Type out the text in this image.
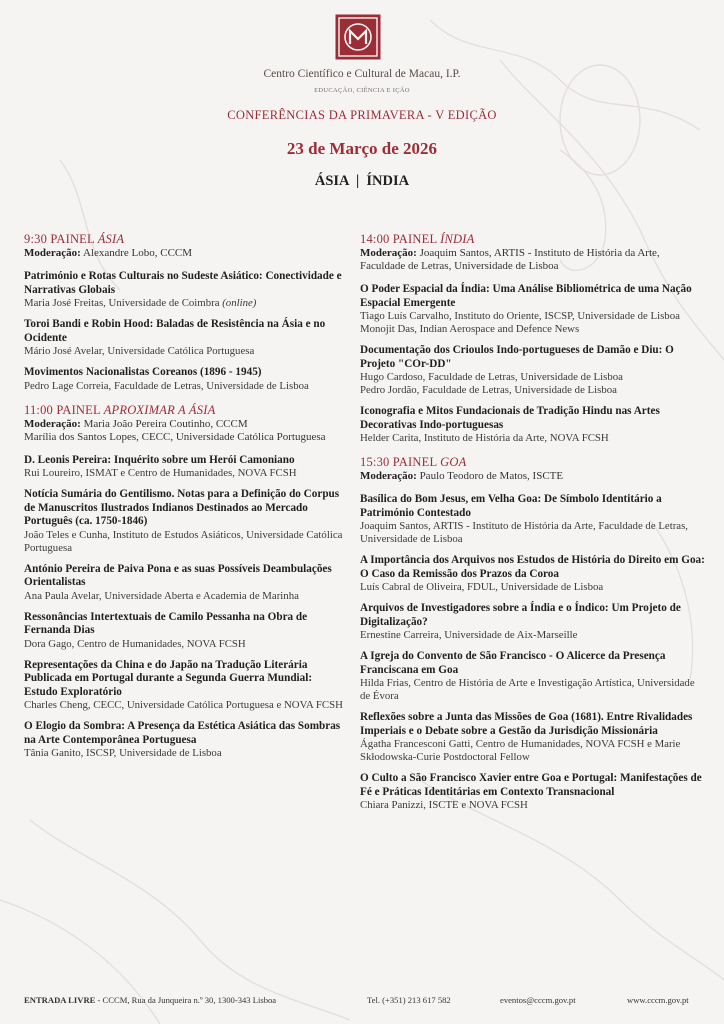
Centro Científico e Cultural de Macau, I.P.
EDUCAÇÃO, CIÊNCIA E IÇÃO
CONFERÊNCIAS DA PRIMAVERA - V EDIÇÃO
23 de Março de 2026
ÁSIA  |  ÍNDIA
9:30 PAINEL ÁSIA
Moderação: Alexandre Lobo, CCCM
Património e Rotas Culturais no Sudeste Asiático: Conectividade e Narrativas Globais
Maria José Freitas, Universidade de Coimbra (online)
Toroi Bandi e Robin Hood: Baladas de Resistência na Ásia e no Ocidente
Mário José Avelar, Universidade Católica Portuguesa
Movimentos Nacionalistas Coreanos (1896 - 1945)
Pedro Lage Correia, Faculdade de Letras, Universidade de Lisboa
11:00 PAINEL APROXIMAR A ÁSIA
Moderação: Maria João Pereira Coutinho, CCCM
Marília dos Santos Lopes, CECC, Universidade Católica Portuguesa
D. Leonis Pereira: Inquérito sobre um Herói Camoniano
Rui Loureiro, ISMAT e Centro de Humanidades, NOVA FCSH
Notícia Sumária do Gentilismo. Notas para a Definição do Corpus de Manuscritos Ilustrados Indianos Destinados ao Mercado Português (ca. 1750-1846)
João Teles e Cunha, Instituto de Estudos Asiáticos, Universidade Católica Portuguesa
António Pereira de Paiva Pona e as suas Possíveis Deambulações Orientalistas
Ana Paula Avelar, Universidade Aberta e Academia de Marinha
Ressonâncias Intertextuais de Camilo Pessanha na Obra de Fernanda Dias
Dora Gago, Centro de Humanidades, NOVA FCSH
Representações da China e do Japão na Tradução Literária Publicada em Portugal durante a Segunda Guerra Mundial: Estudo Exploratório
Charles Cheng, CECC, Universidade Católica Portuguesa e NOVA FCSH
O Elogio da Sombra: A Presença da Estética Asiática das Sombras na Arte Contemporânea Portuguesa
Tânia Ganito, ISCSP, Universidade de Lisboa
14:00 PAINEL ÍNDIA
Moderação: Joaquim Santos, ARTIS - Instituto de História da Arte, Faculdade de Letras, Universidade de Lisboa
O Poder Espacial da Índia: Uma Análise Bibliométrica de uma Nação Espacial Emergente
Tiago Luís Carvalho, Instituto do Oriente, ISCSP, Universidade de Lisboa
Monojit Das, Indian Aerospace and Defence News
Documentação dos Crioulos Indo-portugueses de Damão e Diu: O Projeto "COr-DD"
Hugo Cardoso, Faculdade de Letras, Universidade de Lisboa
Pedro Jordão, Faculdade de Letras, Universidade de Lisboa
Iconografia e Mitos Fundacionais de Tradição Hindu nas Artes Decorativas Indo-portuguesas
Helder Carita, Instituto de História da Arte, NOVA FCSH
15:30 PAINEL GOA
Moderação: Paulo Teodoro de Matos, ISCTE
Basílica do Bom Jesus, em Velha Goa: De Símbolo Identitário a Património Contestado
Joaquim Santos, ARTIS - Instituto de História da Arte, Faculdade de Letras, Universidade de Lisboa
A Importância dos Arquivos nos Estudos de História do Direito em Goa: O Caso da Remissão dos Prazos da Coroa
Luís Cabral de Oliveira, FDUL, Universidade de Lisboa
Arquivos de Investigadores sobre a Índia e o Índico: Um Projeto de Digitalização?
Ernestine Carreira, Universidade de Aix-Marseille
A Igreja do Convento de São Francisco - O Alicerce da Presença Franciscana em Goa
Hilda Frias, Centro de História de Arte e Investigação Artística, Universidade de Évora
Reflexões sobre a Junta das Missões de Goa (1681). Entre Rivalidades Imperiais e o Debate sobre a Gestão da Jurisdição Missionária
Ágatha Francesconi Gatti, Centro de Humanidades, NOVA FCSH e Marie Skłodowska-Curie Postdoctoral Fellow
O Culto a São Francisco Xavier entre Goa e Portugal: Manifestações de Fé e Práticas Identitárias em Contexto Transnacional
Chiara Panizzi, ISCTE e NOVA FCSH
ENTRADA LIVRE - CCCM, Rua da Junqueira n.º 30, 1300-343 Lisboa	Tel. (+351) 213 617 582	eventos@cccm.gov.pt	www.cccm.gov.pt
